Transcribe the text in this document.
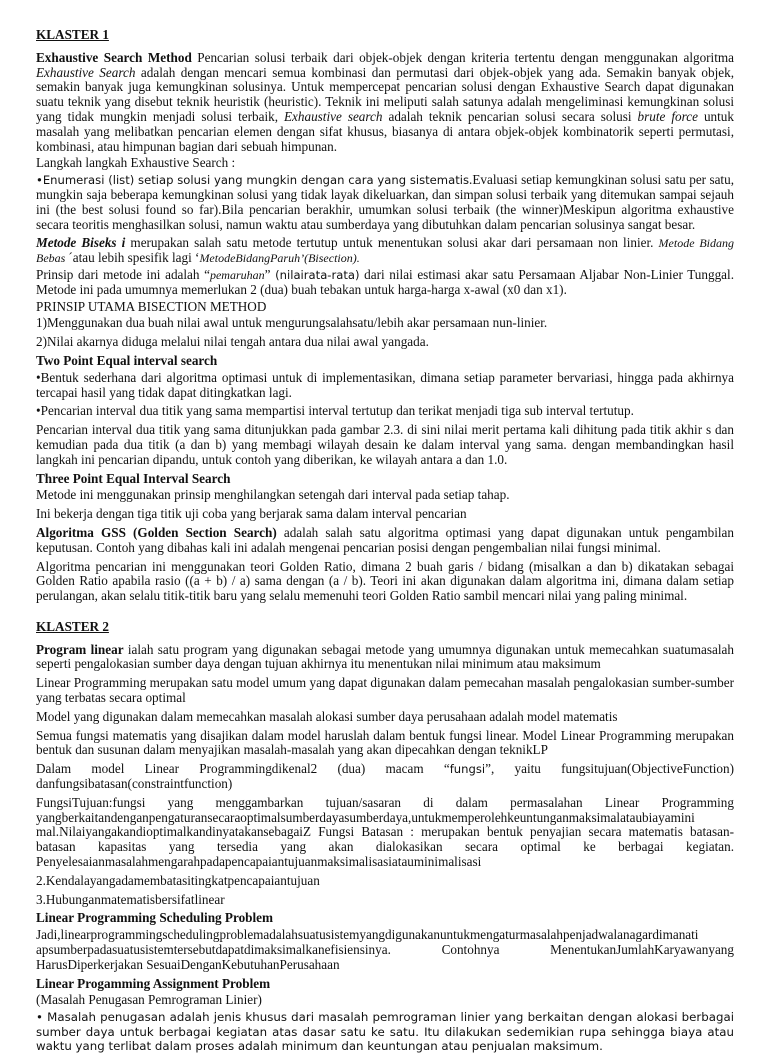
KLASTER 1

Exhaustive Search Method Pencarian solusi terbaik dari objek-objek dengan kriteria tertentu dengan menggunakan algoritma Exhaustive Search adalah dengan mencari semua kombinasi dan permutasi dari objek-objek yang ada. Semakin banyak objek, semakin banyak juga kemungkinan solusinya. Untuk mempercepat pencarian solusi dengan Exhaustive Search dapat digunakan suatu teknik yang disebut teknik heuristik (heuristic). Teknik ini meliputi salah satunya adalah mengeliminasi kemungkinan solusi yang tidak mungkin menjadi solusi terbaik, Exhaustive search adalah teknik pencarian solusi secara solusi brute force untuk masalah yang melibatkan pencarian elemen dengan sifat khusus, biasanya di antara objek-objek kombinatorik seperti permutasi, kombinasi, atau himpunan bagian dari sebuah himpunan.

Langkah langkah Exhaustive Search :

•Enumerasi (list) setiap solusi yang mungkin dengan cara yang sistematis.Evaluasi setiap kemungkinan solusi satu per satu, mungkin saja beberapa kemungkinan solusi yang tidak layak dikeluarkan, dan simpan solusi terbaik yang ditemukan sampai sejauh ini (the best solusi found so far).Bila pencarian berakhir, umumkan solusi terbaik (the winner)Meskipun algoritma exhaustive secara teoritis menghasilkan solusi, namun waktu atau sumberdaya yang dibutuhkan dalam pencarian solusinya sangat besar.

Metode Biseks i merupakan salah satu metode tertutup untuk menentukan solusi akar dari persamaan non linier. Metode Bidang Bebas ´atau lebih spesifik lagi ‘MetodeBidangParuh’(Bisection).

Prinsip dari metode ini adalah “pemaruhan” (nilairata-rata) dari nilai estimasi akar satu Persamaan Aljabar Non-Linier Tunggal. Metode ini pada umumnya memerlukan 2 (dua) buah tebakan untuk harga-harga x-awal (x0 dan x1).

PRINSIP UTAMA BISECTION METHOD

1)Menggunakan dua buah nilai awal untuk mengurungsalahsatu/lebih akar persamaan nun-linier.

2)Nilai akarnya diduga melalui nilai tengah antara dua nilai awal yangada.

Two Point Equal interval search

•Bentuk sederhana dari algoritma optimasi untuk di implementasikan, dimana setiap parameter bervariasi, hingga pada akhirnya tercapai hasil yang tidak dapat ditingkatkan lagi.

•Pencarian interval dua titik yang sama mempartisi interval tertutup dan terikat menjadi tiga sub interval tertutup.

Pencarian interval dua titik yang sama ditunjukkan pada gambar 2.3. di sini nilai merit pertama kali dihitung pada titik akhir s dan kemudian pada dua titik (a dan b) yang membagi wilayah desain ke dalam interval yang sama. dengan membandingkan hasil langkah ini pencarian dipandu, untuk contoh yang diberikan, ke wilayah antara a dan 1.0.

Three Point Equal Interval Search

Metode ini menggunakan prinsip menghilangkan setengah dari interval pada setiap tahap.

Ini bekerja dengan tiga titik uji coba yang berjarak sama dalam interval pencarian

Algoritma GSS (Golden Section Search) adalah salah satu algoritma optimasi yang dapat digunakan untuk pengambilan keputusan. Contoh yang dibahas kali ini adalah mengenai pencarian posisi dengan pengembalian nilai fungsi minimal.

Algoritma pencarian ini menggunakan teori Golden Ratio, dimana 2 buah garis / bidang (misalkan a dan b) dikatakan sebagai Golden Ratio apabila rasio ((a + b) / a) sama dengan (a / b). Teori ini akan digunakan dalam algoritma ini, dimana dalam setiap perulangan, akan selalu titik-titik baru yang selalu memenuhi teori Golden Ratio sambil mencari nilai yang paling minimal.

KLASTER 2

Program linear ialah satu program yang digunakan sebagai metode yang umumnya digunakan untuk memecahkan suatumasalah seperti pengalokasian sumber daya dengan tujuan akhirnya itu menentukan nilai minimum atau maksimum

Linear Programming merupakan satu model umum yang dapat digunakan dalam pemecahan masalah pengalokasian sumber-sumber yang terbatas secara optimal

Model yang digunakan dalam memecahkan masalah alokasi sumber daya perusahaan adalah model matematis

Semua fungsi matematis yang disajikan dalam model haruslah dalam bentuk fungsi linear. Model Linear Programming merupakan bentuk dan susunan dalam menyajikan masalah-masalah yang akan dipecahkan dengan teknikLP

Dalam model Linear Programmingdikenal2 (dua) macam “fungsi”, yaitu fungsitujuan(ObjectiveFunction) danfungsibatasan(constraintfunction)

FungsiTujuan:fungsi yang menggambarkan tujuan/sasaran di dalam permasalahan Linear Programming yangberkaitandenganpengaturansecaraoptimalsumberdayasumberdaya,untukmemperolehkeuntunganmaksimalataubiayamini mal.NilaiyangakandioptimalkandinyatakansebagaiZ Fungsi Batasan : merupakan bentuk penyajian secara matematis batasan-batasan kapasitas yang tersedia yang akan dialokasikan secara optimal ke berbagai kegiatan. Penyelesaianmasalahmengarahpadapencapaiantujuanmaksimalisasiatauminimalisasi

2.Kendalayangadamembatasitingkatpencapaiantujuan

3.Hubunganmatematisbersifatlinear

Linear Programming Scheduling Problem

Jadi,linearprogrammingschedulingproblemadalahsuatusistemyangdigunakanuntukmengaturmasalahpenjadwalanagardimanati apsumberpadasuatusistemtersebutdapatdimaksimalkanefisiensinya. Contohnya MenentukanJumlahKaryawanyang HarusDiperkerjakan SesuaiDenganKebutuhanPerusahaan

Linear Progamming Assignment Problem

(Masalah Penugasan Pemrograman Linier)

• Masalah penugasan adalah jenis khusus dari masalah pemrograman linier yang berkaitan dengan alokasi berbagai sumber daya untuk berbagai kegiatan atas dasar satu ke satu. Itu dilakukan sedemikian rupa sehingga biaya atau waktu yang terlibat dalam proses adalah minimum dan keuntungan atau penjualan maksimum.
